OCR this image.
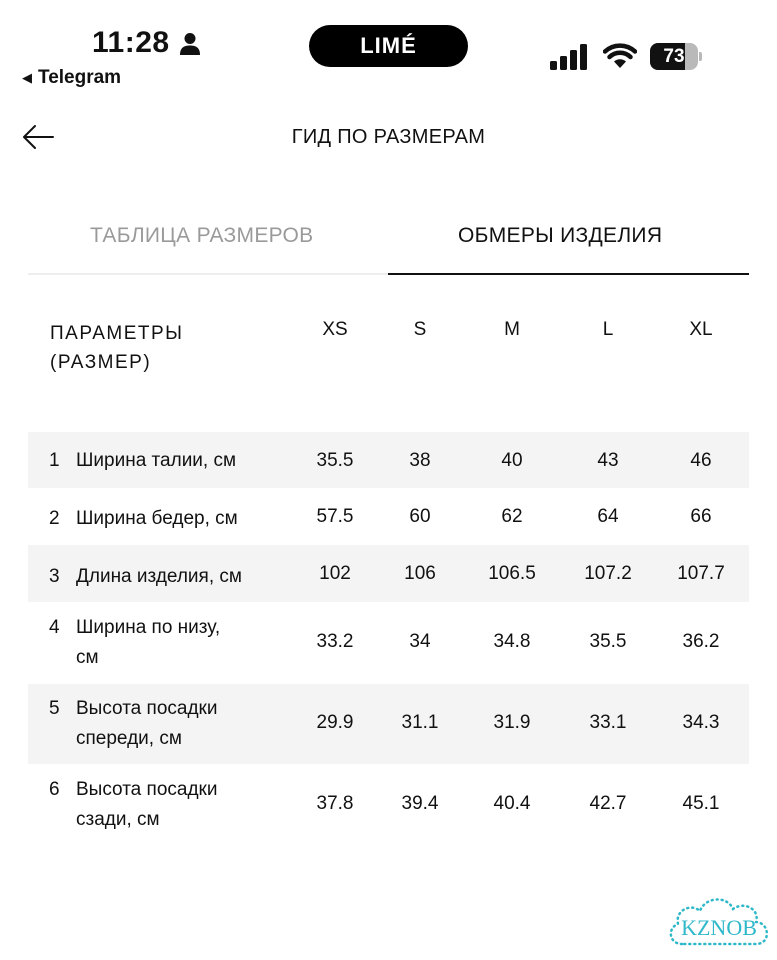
11:28
◀ Telegram
LIMÉ	73
ГИД ПО РАЗМЕРАМ
ТАБЛИЦА РАЗМЕРОВ	ОБМЕРЫ ИЗДЕЛИЯ
ПАРАМЕТРЫ
(РАЗМЕР)
XS	S	M	L	XL
1 Ширина талии, см	35.5	38	40	43	46
2 Ширина бедер, см	57.5	60	62	64	66
3 Длина изделия, см	102	106	106.5	107.2	107.7
4 Ширина по низу,
см
33.2	34	34.8	35.5	36.2
5 Высота посадки
спереди, см
29.9	31.1	31.9	33.1	34.3
6 Высота посадки
сзади, см
37.8	39.4	40.4	42.7	45.1
KZNOB
